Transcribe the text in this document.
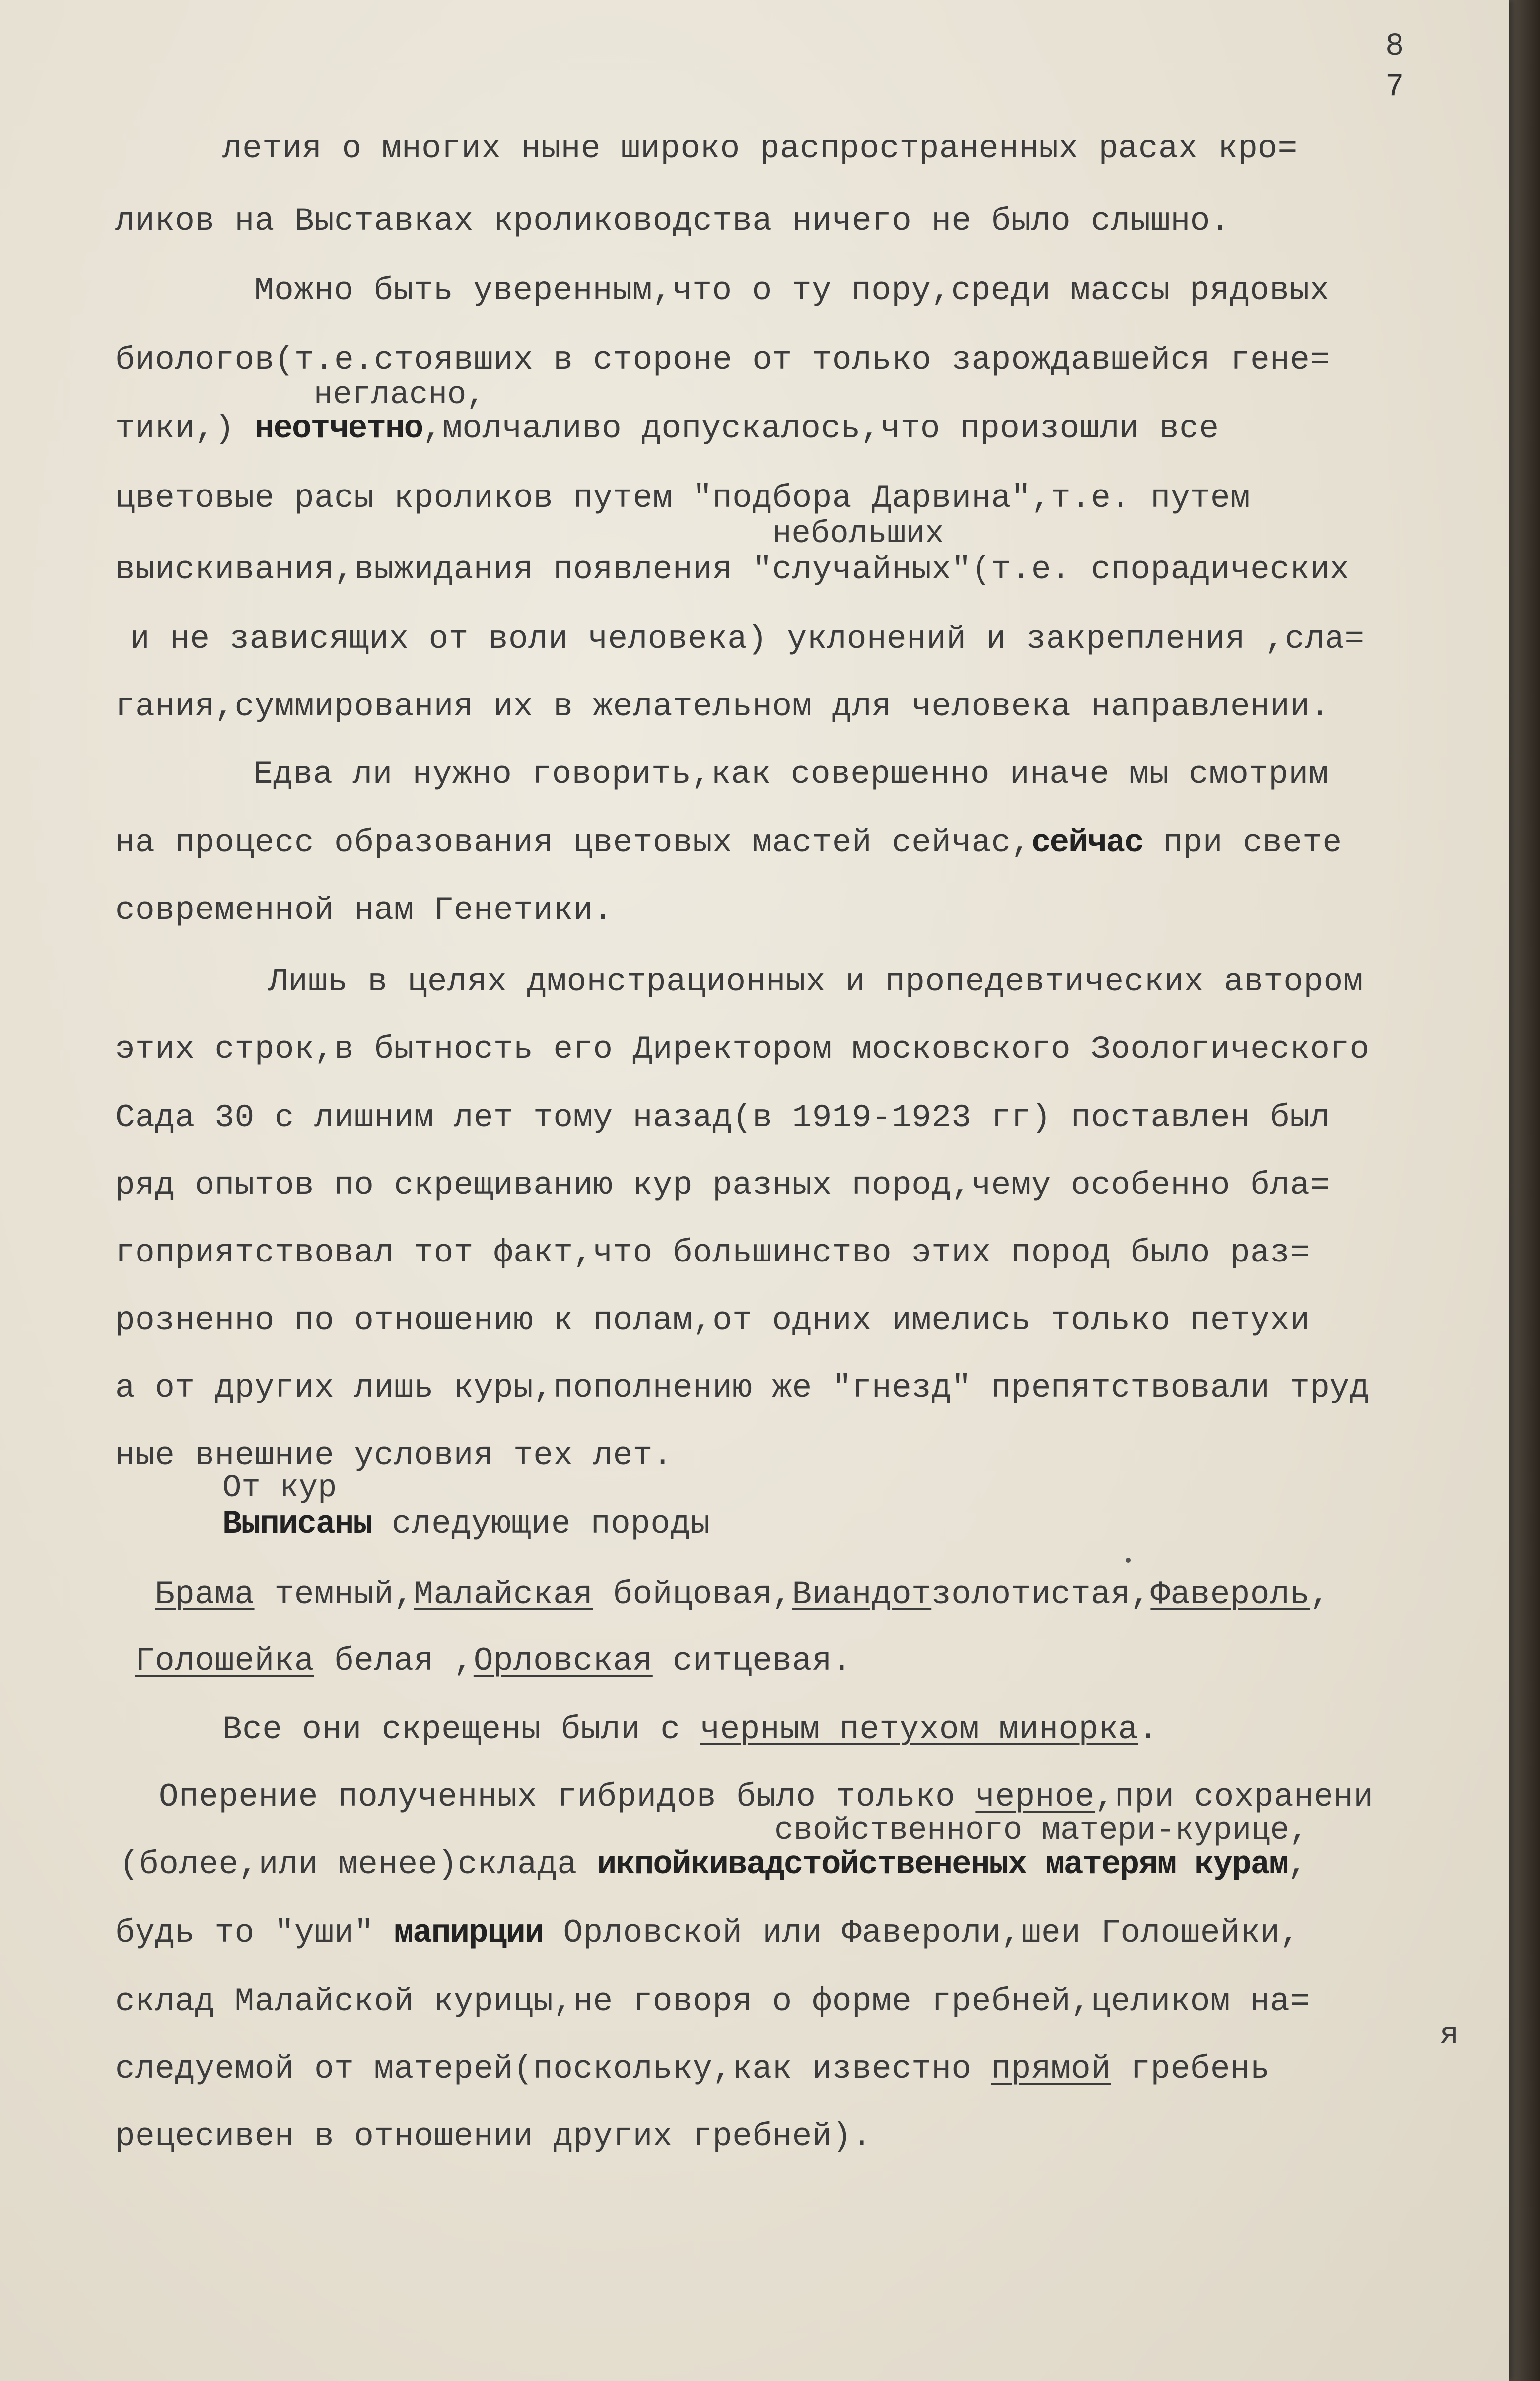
8
7
летия о многих ныне широко распространенных расах кро=
ликов на Выставках кролиководства ничего не было слышно.
Можно быть уверенным,что о ту пору,среди массы рядовых
биологов(т.е.стоявших в стороне от только зарождавшейся гене=
негласно,
тики,) неотчетно,молчаливо допускалось,что произошли все
цветовые расы кроликов путем "подбора Дарвина",т.е. путем
небольших
выискивания,выжидания появления "случайных"(т.е. спорадических
и не зависящих от воли человека) уклонений и закрепления ,сла=
гания,суммирования их в желательном для человека направлении.
Едва ли нужно говорить,как совершенно иначе мы смотрим
на процесс образования цветовых мастей сейчас,сейчас при свете
современной нам Генетики.
Лишь в целях дмонстрационных и пропедевтических автором
этих строк,в бытность его Директором московского Зоологического
Сада 30 с лишним лет тому назад(в 1919-1923 гг) поставлен был
ряд опытов по скрещиванию кур разных пород,чему особенно бла=
гоприятствовал тот факт,что большинство этих пород было раз=
розненно по отношению к полам,от одних имелись только петухи
а от других лишь куры,пополнению же "гнезд" препятствовали труд
ные внешние условия тех лет.
От кур
Выписаны следующие породы
Брама темный,Малайская бойцовая,Виандотзолотистая,Фавероль,
Голошейка белая ,Орловская ситцевая.
Все они скрещены были с черным петухом минорка.
Оперение полученных гибридов было только черное,при сохранени
свойственного матери-курице,
(более,или менее)склада икпойкивадстойствененых матерям курам,
будь то "уши" мапирции Орловской или Фавероли,шеи Голошейки,
склад Малайской курицы,не говоря о форме гребней,целиком на=
я
следуемой от матерей(поскольку,как известно прямой гребень
рецесивен в отношении других гребней).
